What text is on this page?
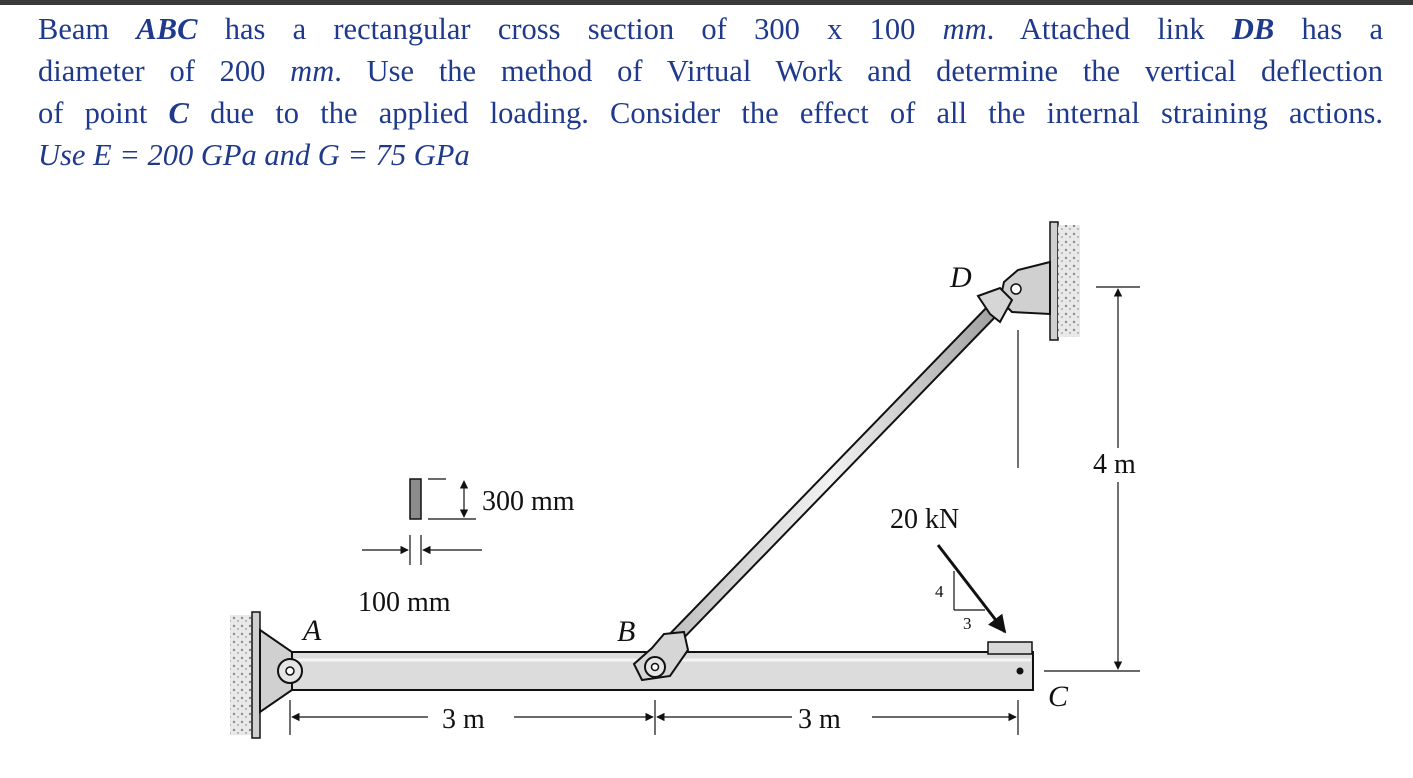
Beam ABC has a rectangular cross section of 300 x 100 mm. Attached link DB has a
diameter of 200 mm. Use the method of Virtual Work and determine the vertical deflection
of point C due to the applied loading. Consider the effect of all the internal straining actions.
Use E = 200 GPa and G = 75 GPa
300 mm
100 mm
A	B
C
D
20 kN
4
3
3 m	3 m
4 m
